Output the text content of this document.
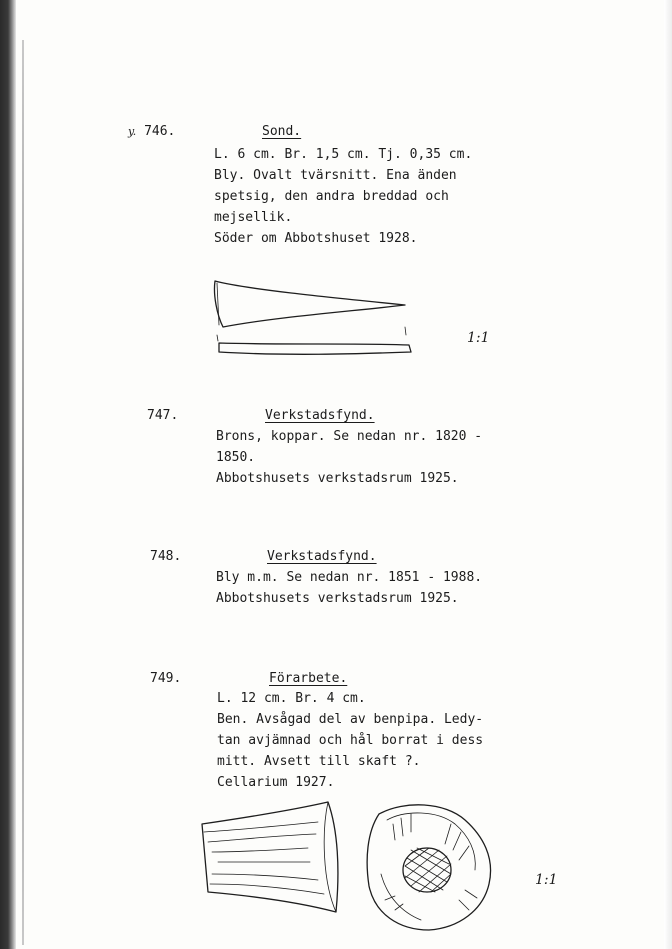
y. 746.	Sond.
L. 6 cm. Br. 1,5 cm. Tj. 0,35 cm.
Bly. Ovalt tvärsnitt. Ena änden
spetsig, den andra breddad och
mejsellik.
Söder om Abbotshuset 1928.
1:1
747.	Verkstadsfynd.
Brons, koppar. Se nedan nr. 1820 -
1850.
Abbotshusets verkstadsrum 1925.
748.	Verkstadsfynd.
Bly m.m. Se nedan nr. 1851 - 1988.
Abbotshusets verkstadsrum 1925.
749.	Förarbete.
L. 12 cm. Br. 4 cm.
Ben. Avsågad del av benpipa. Ledy-
tan avjämnad och hål borrat i dess
mitt. Avsett till skaft ?.
Cellarium 1927.
1:1
